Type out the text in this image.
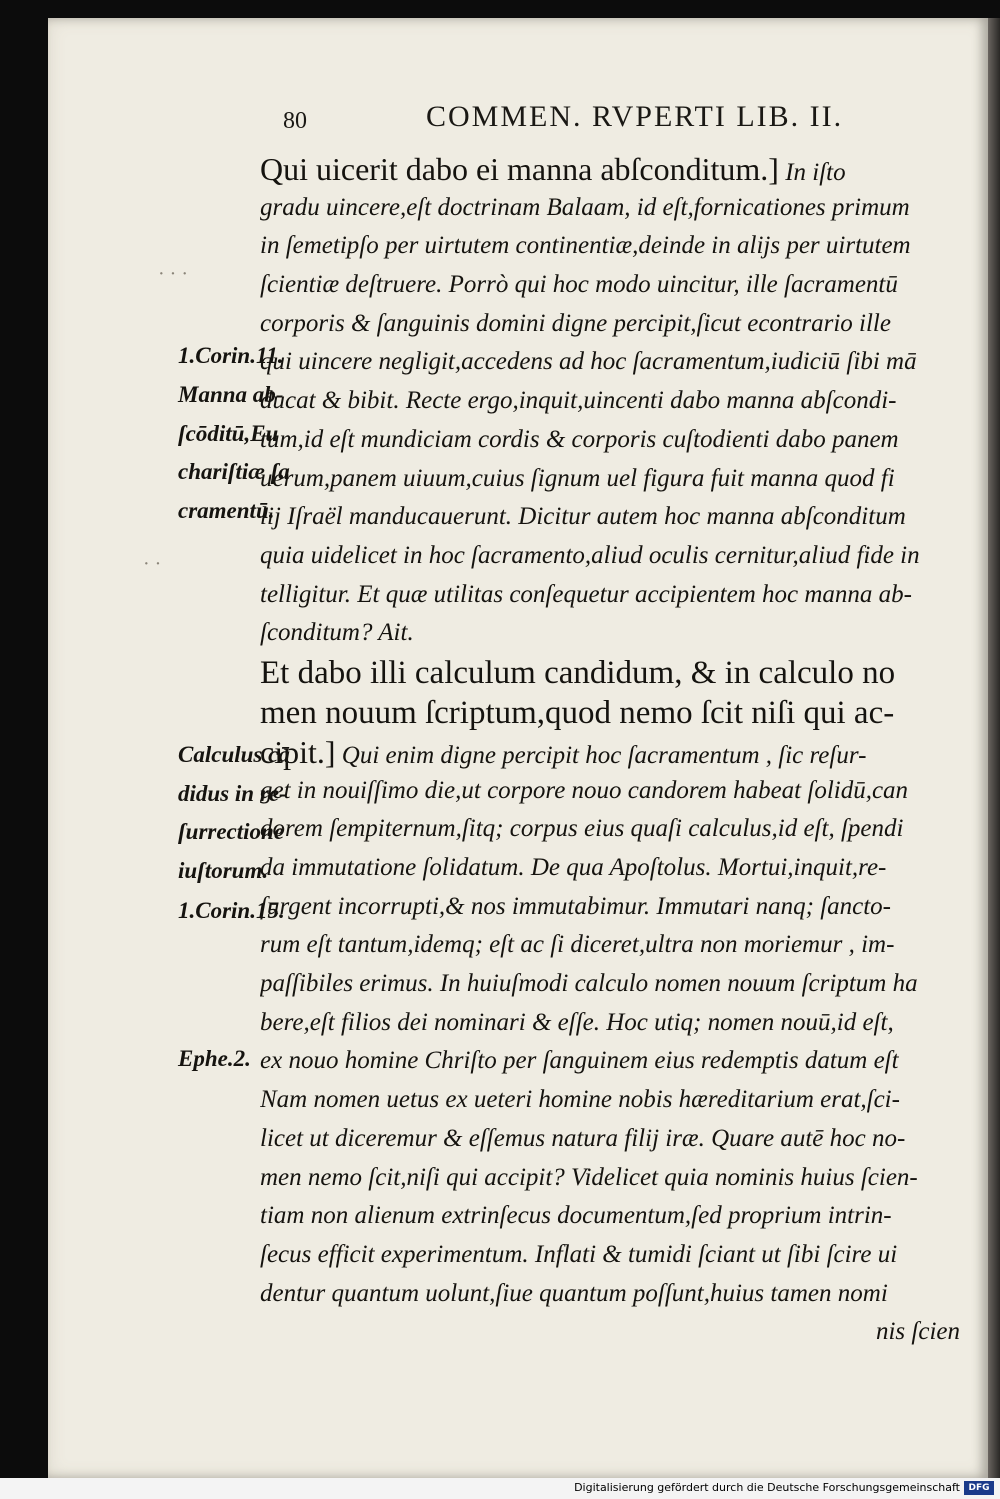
80	COMMEN. RVPERTI LIB. II.
Qui uicerit dabo ei manna abſconditum.] In iſto
gradu uincere,eſt doctrinam Balaam, id eſt,fornicationes primum
in ſemetipſo per uirtutem continentiæ,deinde in alijs per uirtutem
ſcientiæ deſtruere. Porrò qui hoc modo uincitur, ille ſacramentū
corporis & ſanguinis domini digne percipit,ſicut econtrario ille
qui uincere negligit,accedens ad hoc ſacramentum,iudiciū ſibi mā
ducat & bibit. Recte ergo,inquit,uincenti dabo manna abſcondi-
tum,id eſt mundiciam cordis & corporis cuſtodienti dabo panem
uerum,panem uiuum,cuius ſignum uel figura fuit manna quod fi
lij Iſraël manducauerunt. Dicitur autem hoc manna abſconditum
quia uidelicet in hoc ſacramento,aliud oculis cernitur,aliud fide in
telligitur. Et quæ utilitas conſequetur accipientem hoc manna ab-
ſconditum? Ait.
Et dabo illi calculum candidum, & in calculo no
men nouum ſcriptum,quod nemo ſcit niſi qui ac-
cipit.] Qui enim digne percipit hoc ſacramentum , ſic reſur-
get in nouiſſimo die,ut corpore nouo candorem habeat ſolidū,can
dorem ſempiternum,ſitq; corpus eius quaſi calculus,id eſt, ſpendi
da immutatione ſolidatum. De qua Apoſtolus. Mortui,inquit,re-
ſurgent incorrupti,& nos immutabimur. Immutari nanq; ſancto-
rum eſt tantum,idemq; eſt ac ſi diceret,ultra non moriemur , im-
paſſibiles erimus. In huiuſmodi calculo nomen nouum ſcriptum ha
bere,eſt filios dei nominari & eſſe. Hoc utiq; nomen nouū,id eſt,
ex nouo homine Chriſto per ſanguinem eius redemptis datum eſt
Nam nomen uetus ex ueteri homine nobis hæreditarium erat,ſci-
licet ut diceremur & eſſemus natura filij iræ. Quare autē hoc no-
men nemo ſcit,niſi qui accipit? Videlicet quia nominis huius ſcien-
tiam non alienum extrinſecus documentum,ſed proprium intrin-
ſecus efficit experimentum. Inflati & tumidi ſciant ut ſibi ſcire ui
dentur quantum uolunt,ſiue quantum poſſunt,huius tamen nomi
nis ſcien
1.Corin.11.
Manna ab-
ſcōditū,Eu
chariſtiæ ſa
cramentū.
Calculus cā
didus in re-
ſurrectione
iuſtorum.
1.Corin.15.
Ephe.2.
· · ·
· ·
Digitalisierung gefördert durch die Deutsche Forschungsgemeinschaft DFG
